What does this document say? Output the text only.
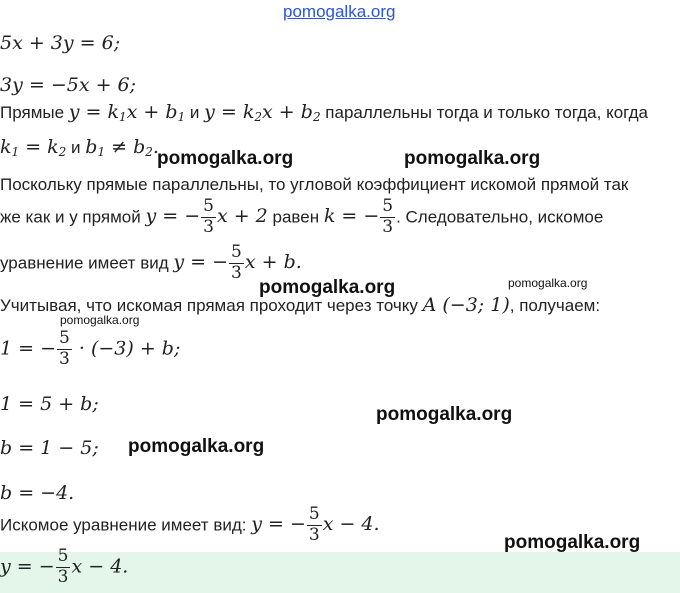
pomogalka.org
5x + 3y = 6;
3y = −5x + 6;
Прямые $y = k_1x + b_1$ и $y = k_2x + b_2$ параллельны тогда и только тогда, когда
$k_1 = k_2$ и $b_1 \ne b_2$.
Поскольку прямые параллельны, то угловой коэффициент искомой прямой так
же как и у прямой y = − $\frac{5}{3}$ x + 2 равен k = − $\frac{5}{3}$ . Следовательно, искомое
уравнение имеет вид y = − $\frac{5}{3}$ x + b.
Учитывая, что искомая прямая проходит через точку A (−3; 1), получаем:
1 = − $\frac{5}{3} \cdot (-3) + b$;
1 = 5 + b;
b = 1 − 5;
b = −4.
Искомое уравнение имеет вид: y = − $\frac{5}{3}$ x − 4.
y = − $\frac{5}{3}$ x − 4.
pomogalka.org	pomogalka.org
pomogalka.org	pomogalka.org
pomogalka.org
pomogalka.org
pomogalka.org
pomogalka.org
